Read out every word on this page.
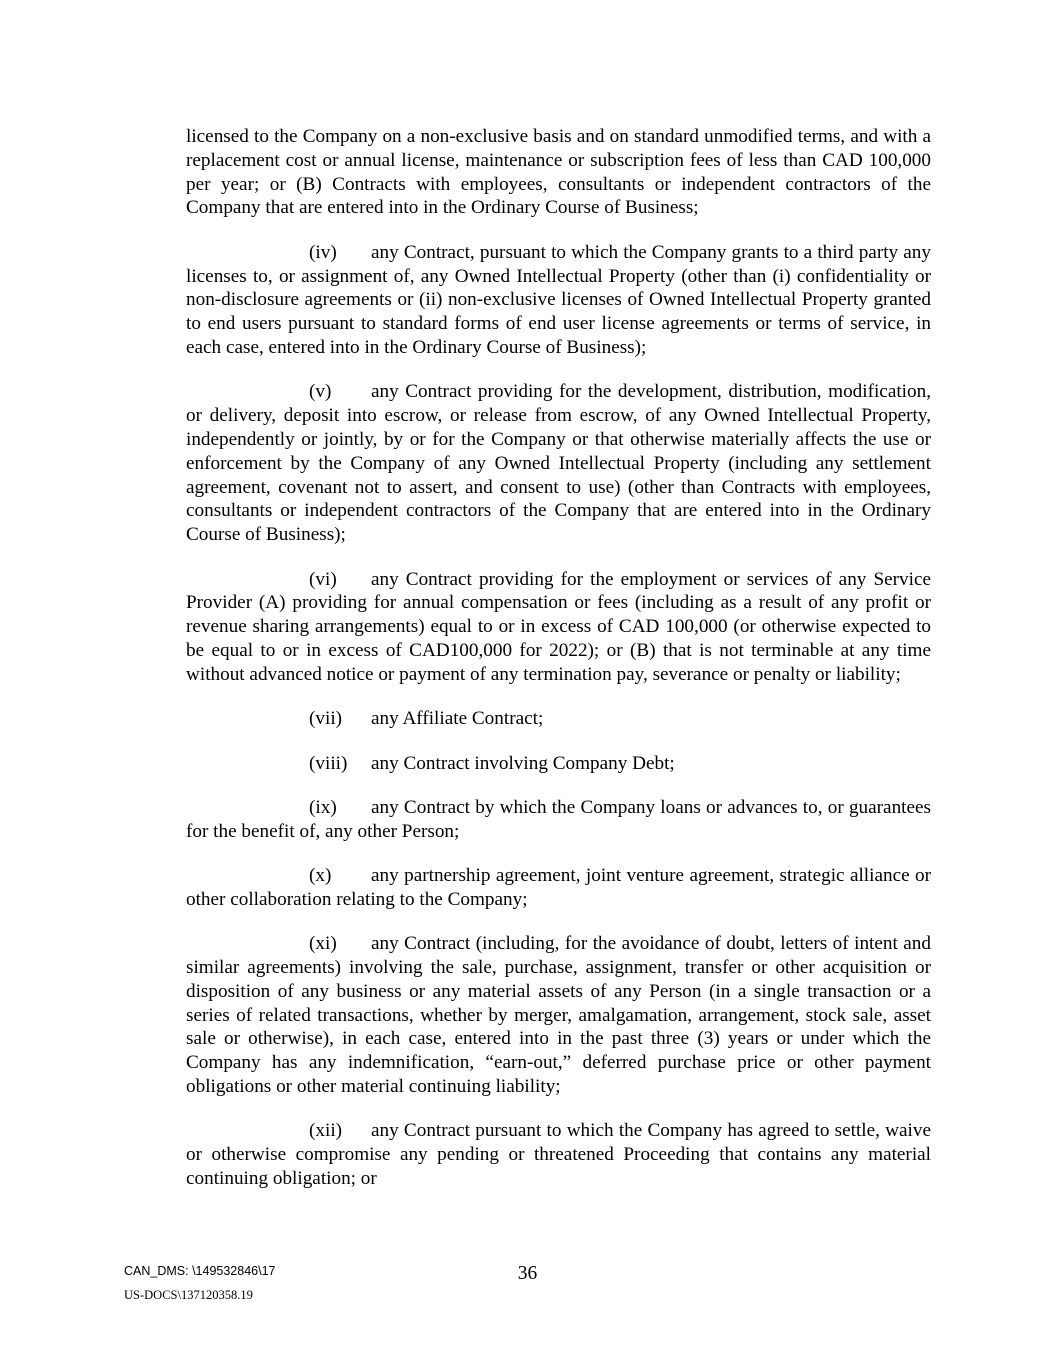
licensed to the Company on a non-exclusive basis and on standard unmodified terms, and with a replacement cost or annual license, maintenance or subscription fees of less than CAD 100,000 per year; or (B) Contracts with employees, consultants or independent contractors of the Company that are entered into in the Ordinary Course of Business;

(iv) any Contract, pursuant to which the Company grants to a third party any licenses to, or assignment of, any Owned Intellectual Property (other than (i) confidentiality or non-disclosure agreements or (ii) non-exclusive licenses of Owned Intellectual Property granted to end users pursuant to standard forms of end user license agreements or terms of service, in each case, entered into in the Ordinary Course of Business);

(v) any Contract providing for the development, distribution, modification, or delivery, deposit into escrow, or release from escrow, of any Owned Intellectual Property, independently or jointly, by or for the Company or that otherwise materially affects the use or enforcement by the Company of any Owned Intellectual Property (including any settlement agreement, covenant not to assert, and consent to use) (other than Contracts with employees, consultants or independent contractors of the Company that are entered into in the Ordinary Course of Business);

(vi) any Contract providing for the employment or services of any Service Provider (A) providing for annual compensation or fees (including as a result of any profit or revenue sharing arrangements) equal to or in excess of CAD 100,000 (or otherwise expected to be equal to or in excess of CAD100,000 for 2022); or (B) that is not terminable at any time without advanced notice or payment of any termination pay, severance or penalty or liability;

(vii) any Affiliate Contract;

(viii) any Contract involving Company Debt;

(ix) any Contract by which the Company loans or advances to, or guarantees for the benefit of, any other Person;

(x) any partnership agreement, joint venture agreement, strategic alliance or other collaboration relating to the Company;

(xi) any Contract (including, for the avoidance of doubt, letters of intent and similar agreements) involving the sale, purchase, assignment, transfer or other acquisition or disposition of any business or any material assets of any Person (in a single transaction or a series of related transactions, whether by merger, amalgamation, arrangement, stock sale, asset sale or otherwise), in each case, entered into in the past three (3) years or under which the Company has any indemnification, “earn-out,” deferred purchase price or other payment obligations or other material continuing liability;

(xii) any Contract pursuant to which the Company has agreed to settle, waive or otherwise compromise any pending or threatened Proceeding that contains any material continuing obligation; or

36
CAN_DMS: \149532846\17
US-DOCS\137120358.19
